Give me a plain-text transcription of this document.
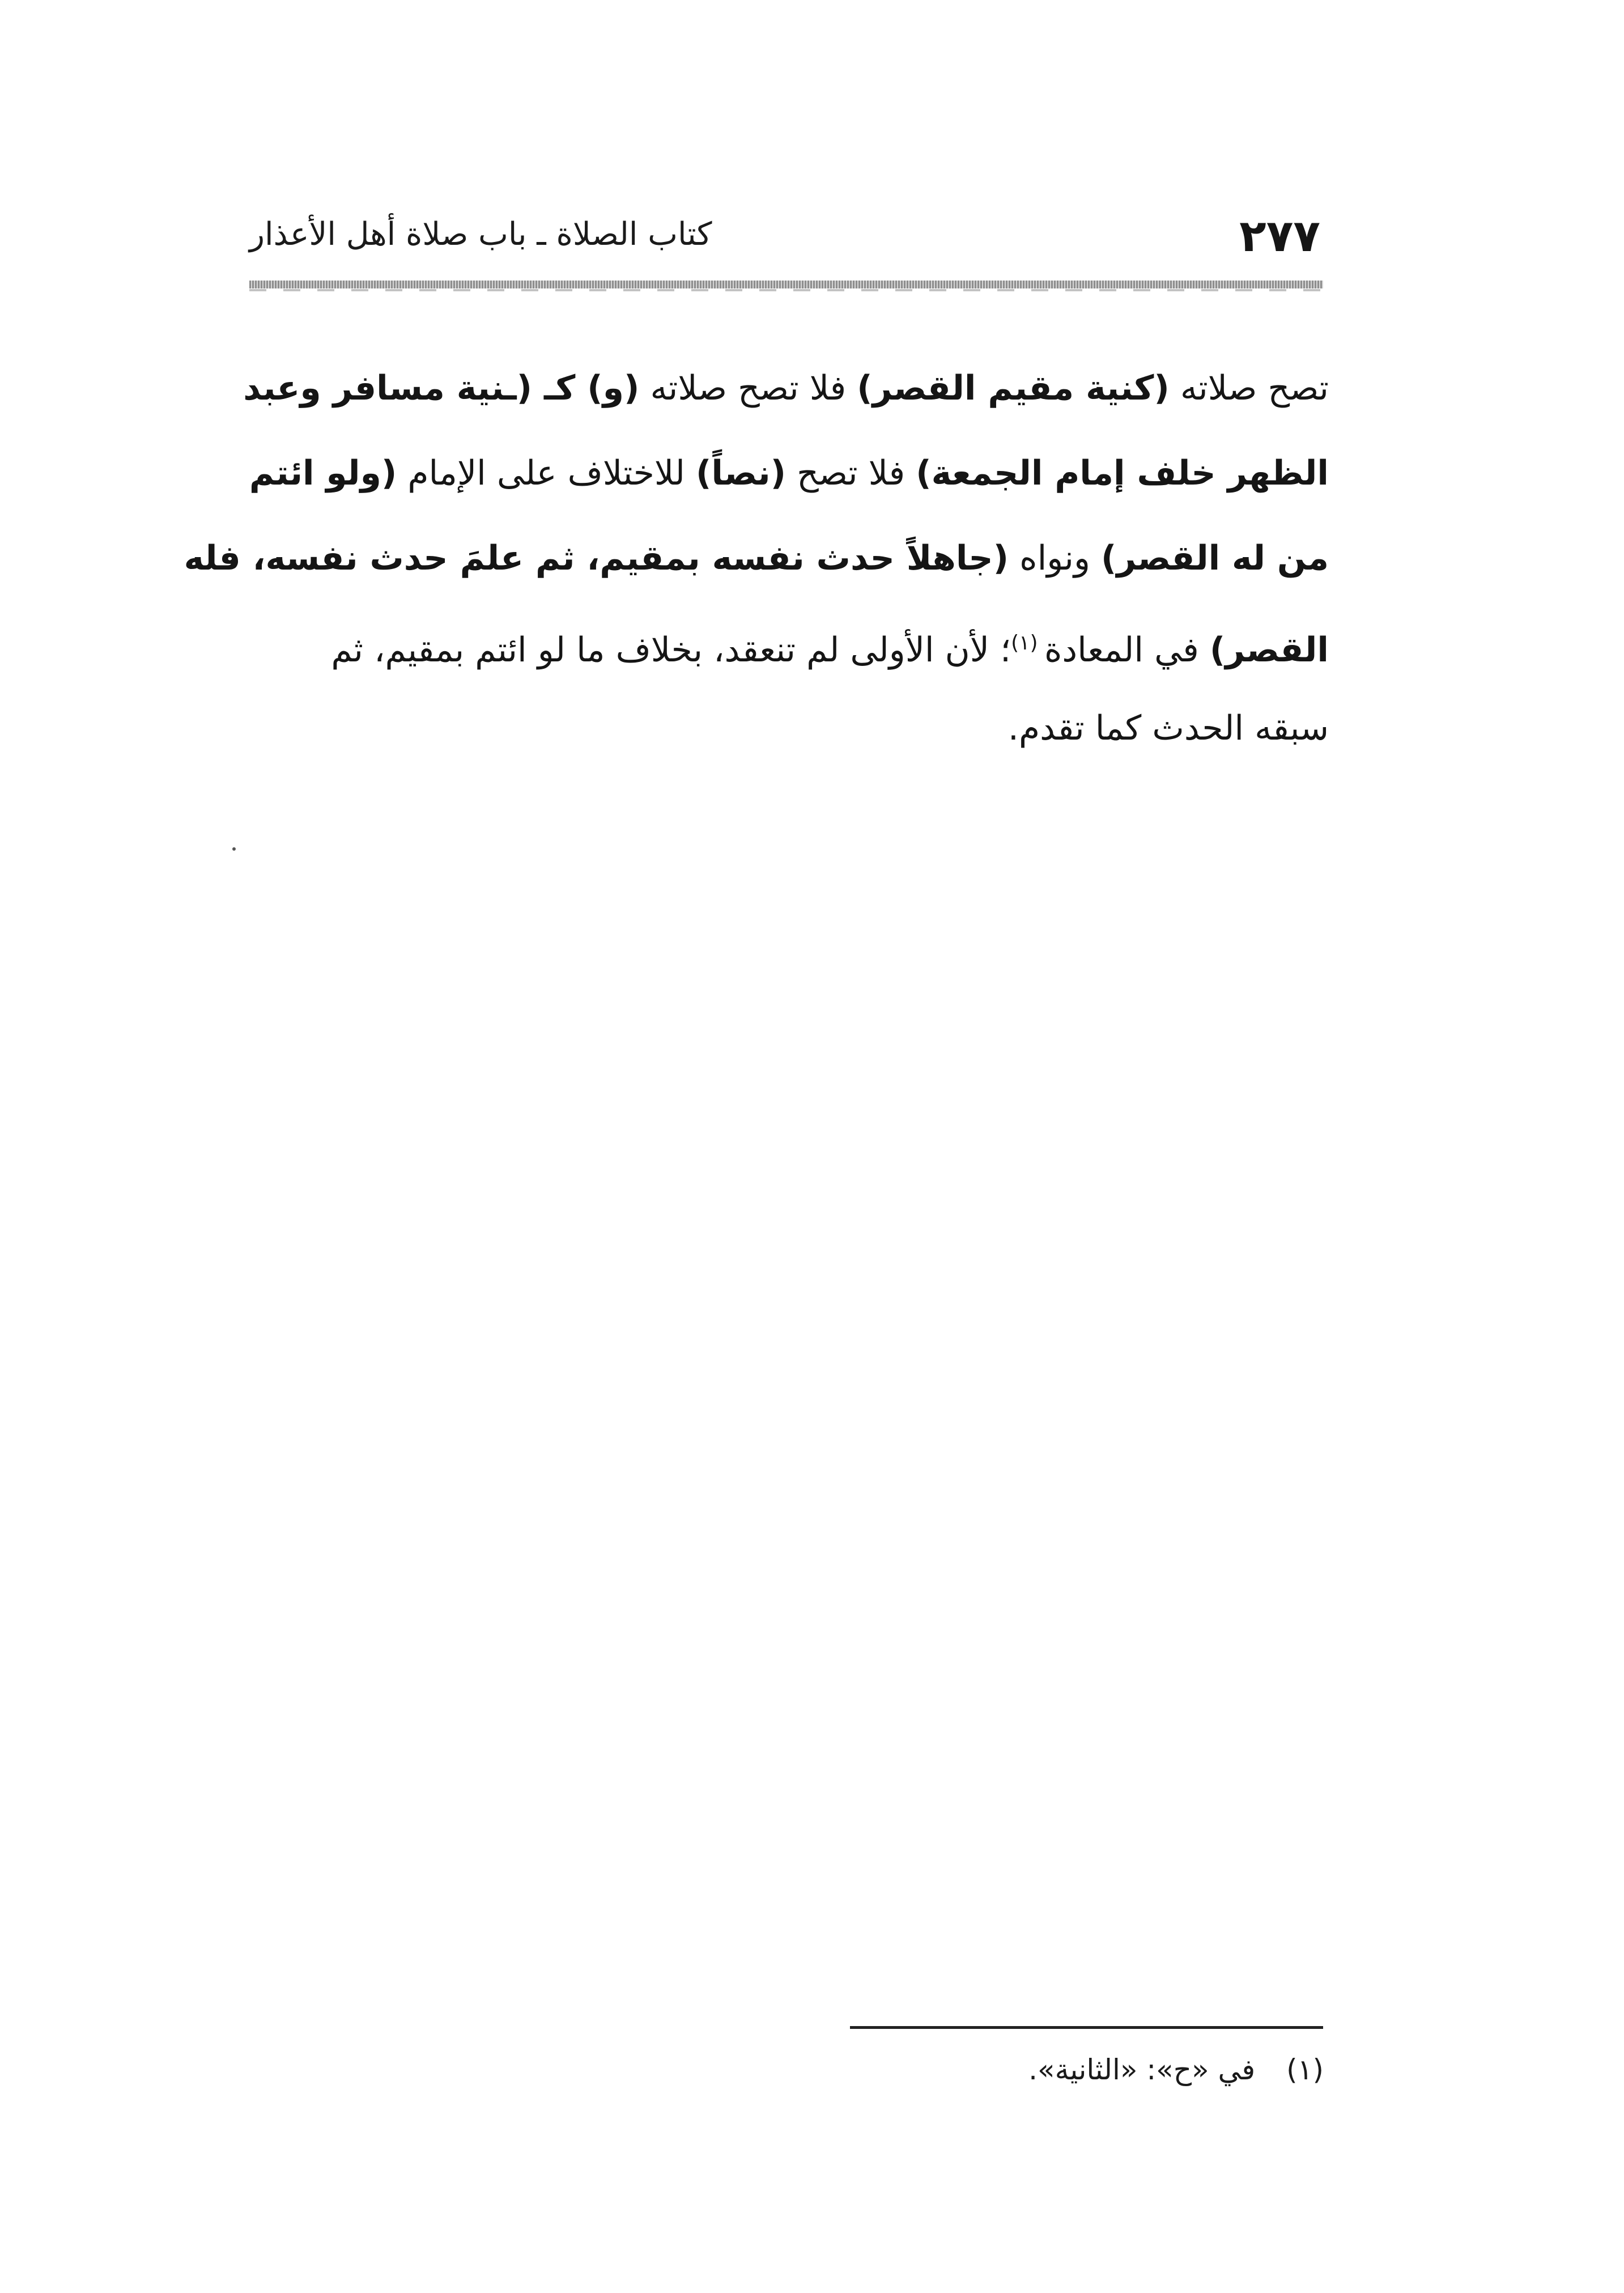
٢٧٧
كتاب الصلاة ـ باب صلاة أهل الأعذار
تصح صلاته (كنية مقيم القصر) فلا تصح صلاته (و) كـ (ـنية مسافر وعبد
الظهر خلف إمام الجمعة) فلا تصح (نصاً) للاختلاف على الإمام (ولو ائتم
من له القصر) ونواه (جاهلاً حدث نفسه بمقيم، ثم علمَ حدث نفسه، فله
القصر) في المعادة $^{(١)}$؛ لأن الأولى لم تنعقد، بخلاف ما لو ائتم بمقيم، ثم
سبقه الحدث كما تقدم.
(١)في «ح»: «الثانية».
